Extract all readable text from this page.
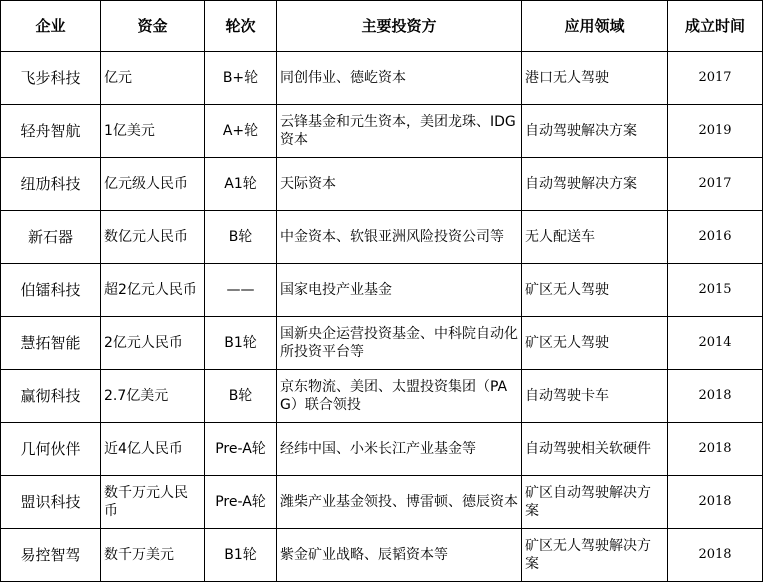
企业	资金	轮次	主要投资方	应用领域	成立时间
飞步科技	亿元	B+轮	同创伟业、德屹资本	港口无人驾驶	2017
轻舟智航	1亿美元	A+轮	云锋基金和元生资本，美团龙珠、IDG 资本	自动驾驶解决方案	2019
纽劢科技	亿元级人民币	A1轮	天际资本	自动驾驶解决方案	2017
新石器	数亿元人民币	B轮	中金资本、软银亚洲风险投资公司等	无人配送车	2016
伯镭科技	超2亿元人民币	——	国家电投产业基金	矿区无人驾驶	2015
慧拓智能	2亿元人民币	B1轮	国新央企运营投资基金、中科院自动化所投资平台等	矿区无人驾驶	2014
赢彻科技	2.7亿美元	B轮	京东物流、美团、太盟投资集团（PAG）联合领投	自动驾驶卡车	2018
几何伙伴	近4亿人民币	Pre-A轮	经纬中国、小米长江产业基金等	自动驾驶相关软硬件	2018
盟识科技	数千万元人民币	Pre-A轮	潍柴产业基金领投、博雷顿、德辰资本	矿区自动驾驶解决方案	2018
易控智驾	数千万美元	B1轮	紫金矿业战略、辰韬资本等	矿区无人驾驶解决方案	2018
